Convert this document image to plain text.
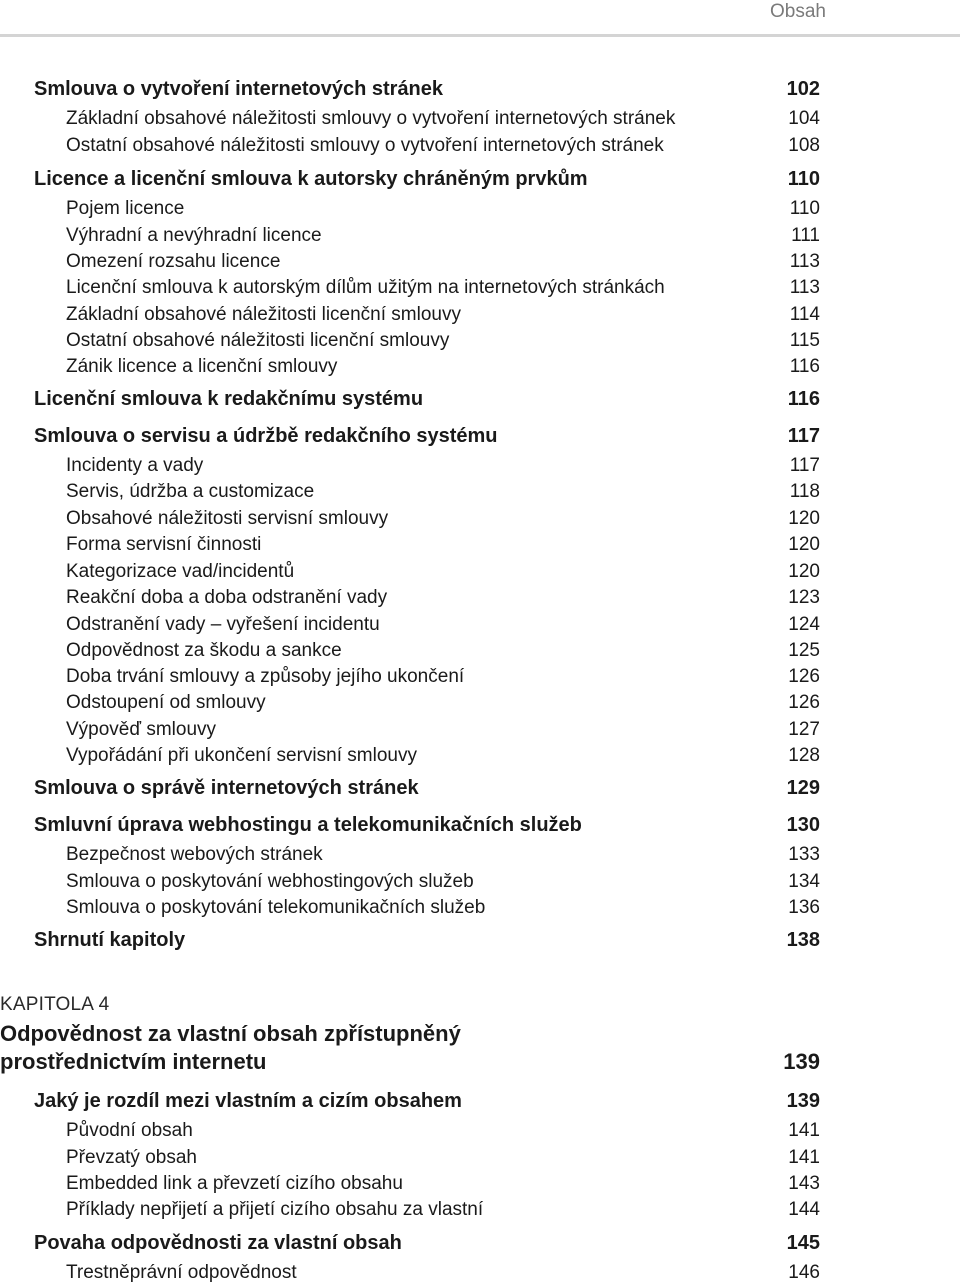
Obsah
Smlouva o vytvoření internetových stránek	102
Základní obsahové náležitosti smlouvy o vytvoření internetových stránek	104
Ostatní obsahové náležitosti smlouvy o vytvoření internetových stránek	108
Licence a licenční smlouva k autorsky chráněným prvkům	110
Pojem licence	110
Výhradní a nevýhradní licence	111
Omezení rozsahu licence	113
Licenční smlouva k autorským dílům užitým na internetových stránkách	113
Základní obsahové náležitosti licenční smlouvy	114
Ostatní obsahové náležitosti licenční smlouvy	115
Zánik licence a licenční smlouvy	116
Licenční smlouva k redakčnímu systému	116
Smlouva o servisu a údržbě redakčního systému	117
Incidenty a vady	117
Servis, údržba a customizace	118
Obsahové náležitosti servisní smlouvy	120
Forma servisní činnosti	120
Kategorizace vad/incidentů	120
Reakční doba a doba odstranění vady	123
Odstranění vady – vyřešení incidentu	124
Odpovědnost za škodu a sankce	125
Doba trvání smlouvy a způsoby jejího ukončení	126
Odstoupení od smlouvy	126
Výpověď smlouvy	127
Vypořádání při ukončení servisní smlouvy	128
Smlouva o správě internetových stránek	129
Smluvní úprava webhostingu a telekomunikačních služeb	130
Bezpečnost webových stránek	133
Smlouva o poskytování webhostingových služeb	134
Smlouva o poskytování telekomunikačních služeb	136
Shrnutí kapitoly	138
Jaký je rozdíl mezi vlastním a cizím obsahem	139
Původní obsah	141
Převzatý obsah	141
Embedded link a převzetí cizího obsahu	143
Příklady nepřijetí a přijetí cizího obsahu za vlastní	144
Povaha odpovědnosti za vlastní obsah	145
Trestněprávní odpovědnost	146
KAPITOLA 4
Odpovědnost za vlastní obsah zpřístupněný
prostřednictvím internetu	139
